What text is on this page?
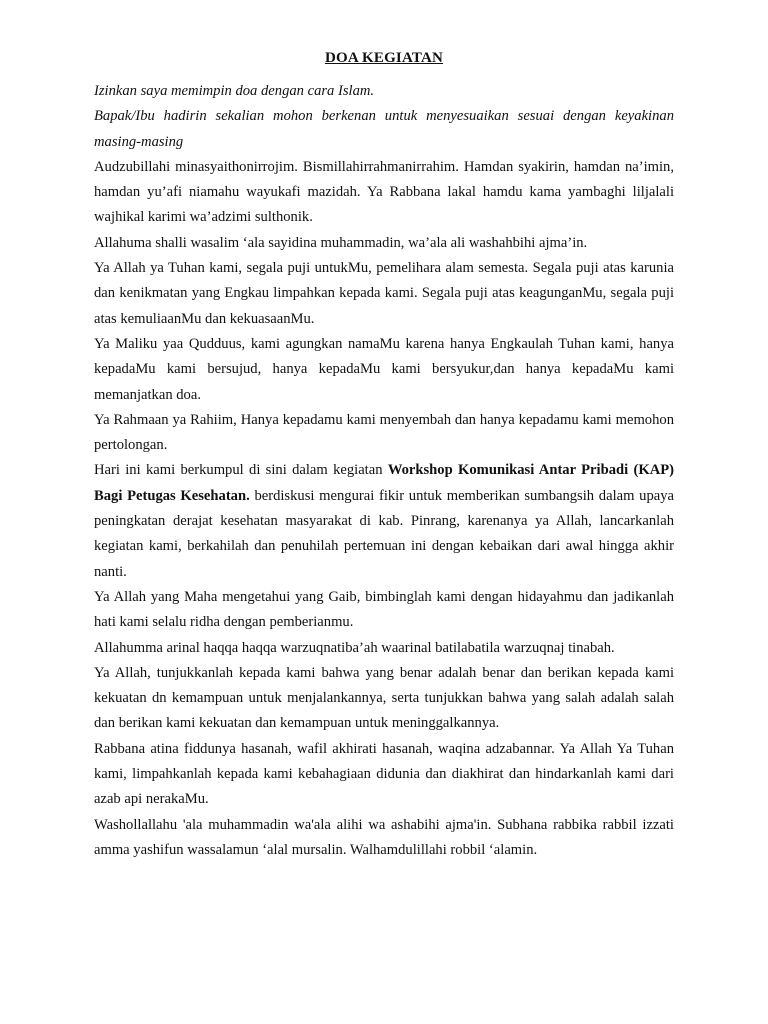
DOA KEGIATAN

Izinkan saya memimpin doa dengan cara Islam.

Bapak/Ibu hadirin sekalian mohon berkenan untuk menyesuaikan sesuai dengan keyakinan masing-masing

Audzubillahi minasyaithonirrojim. Bismillahirrahmanirrahim. Hamdan syakirin, hamdan na’imin, hamdan yu’afi niamahu wayukafi mazidah. Ya Rabbana lakal hamdu kama yambaghi liljalali wajhikal karimi wa’adzimi sulthonik.

Allahuma shalli wasalim ‘ala sayidina muhammadin, wa’ala ali washahbihi ajma’in.

Ya Allah ya Tuhan kami, segala puji untukMu, pemelihara alam semesta. Segala puji atas karunia dan kenikmatan yang Engkau limpahkan kepada kami. Segala puji atas keagunganMu, segala puji atas kemuliaanMu dan kekuasaanMu.

Ya Maliku yaa Qudduus, kami agungkan namaMu karena hanya Engkaulah Tuhan kami, hanya kepadaMu kami bersujud, hanya kepadaMu kami bersyukur,dan hanya kepadaMu kami memanjatkan doa.

Ya Rahmaan ya Rahiim, Hanya kepadamu kami menyembah dan hanya kepadamu kami memohon pertolongan.

Hari ini kami berkumpul di sini dalam kegiatan Workshop Komunikasi Antar Pribadi (KAP) Bagi Petugas Kesehatan. berdiskusi mengurai fikir untuk memberikan sumbangsih dalam upaya peningkatan derajat kesehatan masyarakat di kab. Pinrang, karenanya ya Allah, lancarkanlah kegiatan kami, berkahilah dan penuhilah pertemuan ini dengan kebaikan dari awal hingga akhir nanti.

Ya Allah yang Maha mengetahui yang Gaib, bimbinglah kami dengan hidayahmu dan jadikanlah hati kami selalu ridha dengan pemberianmu.

Allahumma arinal haqqa haqqa warzuqnatiba’ah waarinal batilabatila warzuqnaj tinabah.

Ya Allah, tunjukkanlah kepada kami bahwa yang benar adalah benar dan berikan kepada kami kekuatan dn kemampuan untuk menjalankannya, serta tunjukkan bahwa yang salah adalah salah dan berikan kami kekuatan dan kemampuan untuk meninggalkannya.

Rabbana atina fiddunya hasanah, wafil akhirati hasanah, waqina adzabannar. Ya Allah Ya Tuhan kami, limpahkanlah kepada kami kebahagiaan didunia dan diakhirat dan hindarkanlah kami dari azab api nerakaMu.

Washollallahu 'ala muhammadin wa'ala alihi wa ashabihi ajma'in. Subhana rabbika rabbil izzati amma yashifun wassalamun ‘alal mursalin. Walhamdulillahi robbil ‘alamin.
